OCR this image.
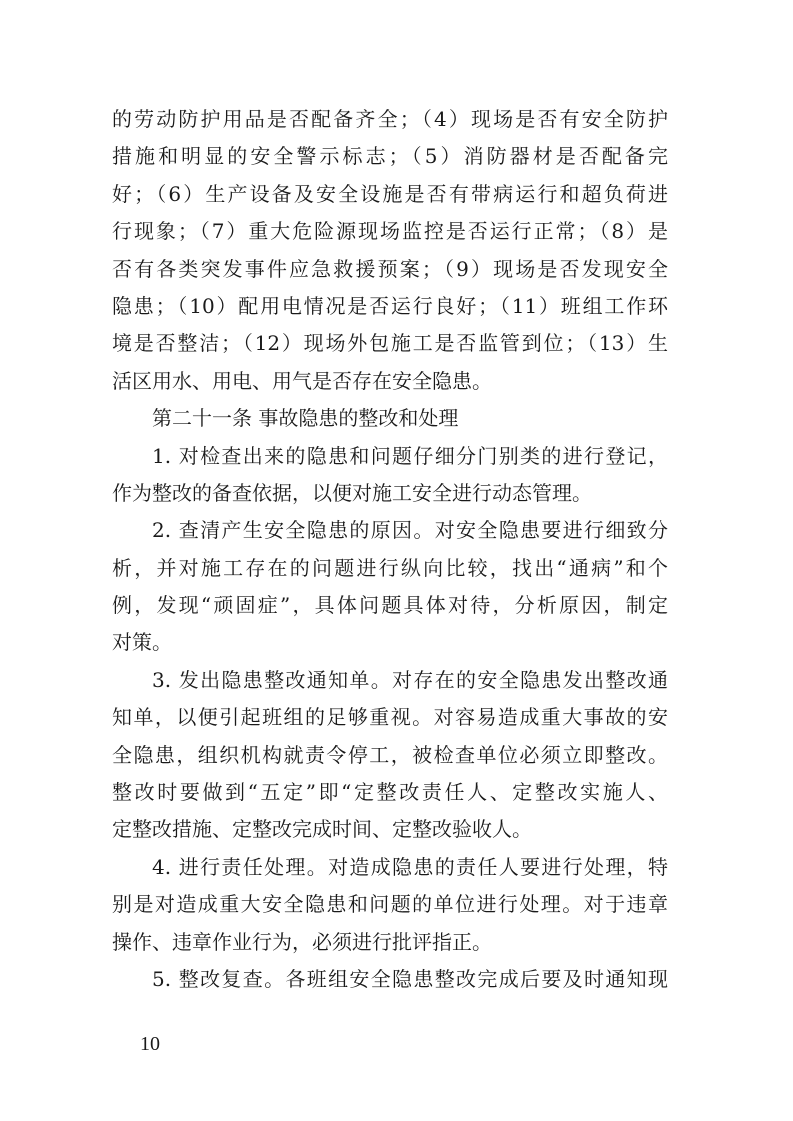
的劳动防护用品是否配备齐全；（4）现场是否有安全防护
措施和明显的安全警示标志；（5）消防器材是否配备完
好；（6）生产设备及安全设施是否有带病运行和超负荷进
行现象；（7）重大危险源现场监控是否运行正常；（8）是
否有各类突发事件应急救援预案；（9）现场是否发现安全
隐患；（10）配用电情况是否运行良好；（11）班组工作环
境是否整洁；（12）现场外包施工是否监管到位；（13）生
活区用水、用电、用气是否存在安全隐患。
第二十一条 事故隐患的整改和处理
1. 对检查出来的隐患和问题仔细分门别类的进行登记，
作为整改的备查依据，以便对施工安全进行动态管理。
2. 查清产生安全隐患的原因。对安全隐患要进行细致分
析，并对施工存在的问题进行纵向比较，找出“通病”和个
例，发现“顽固症”，具体问题具体对待，分析原因，制定
对策。
3. 发出隐患整改通知单。对存在的安全隐患发出整改通
知单，以便引起班组的足够重视。对容易造成重大事故的安
全隐患，组织机构就责令停工，被检查单位必须立即整改。
整改时要做到“五定”即“定整改责任人、定整改实施人、
定整改措施、定整改完成时间、定整改验收人。
4. 进行责任处理。对造成隐患的责任人要进行处理，特
别是对造成重大安全隐患和问题的单位进行处理。对于违章
操作、违章作业行为，必须进行批评指正。
5. 整改复查。各班组安全隐患整改完成后要及时通知现
10
